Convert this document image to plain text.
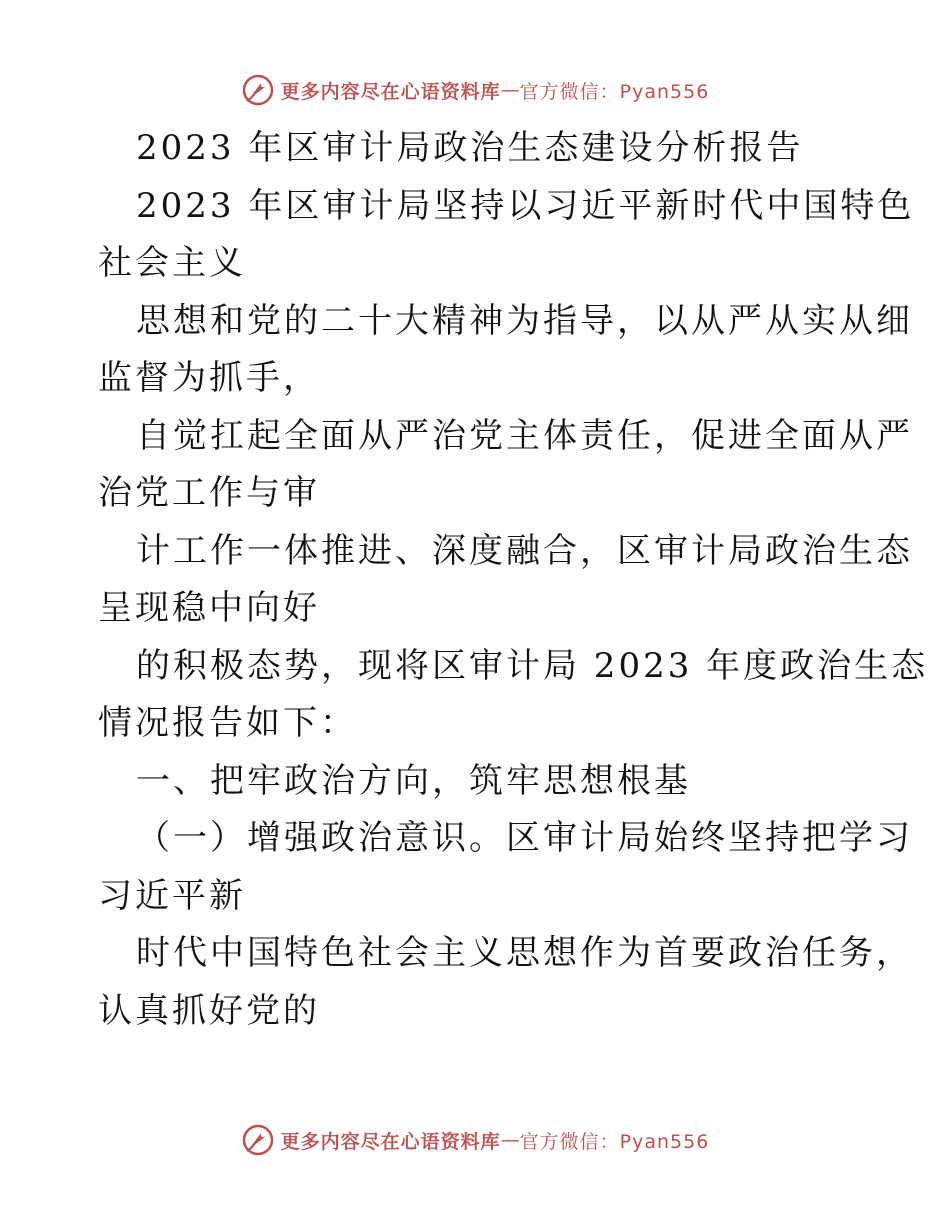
更多内容尽在心语资料库 — 官方微信：Pyan556
2023 年区审计局政治生态建设分析报告
2023 年区审计局坚持以习近平新时代中国特色
社会主义
思想和党的二十大精神为指导，以从严从实从细
监督为抓手，
自觉扛起全面从严治党主体责任，促进全面从严
治党工作与审
计工作一体推进、深度融合，区审计局政治生态
呈现稳中向好
的积极态势，现将区审计局 2023 年度政治生态
情况报告如下：
一、把牢政治方向，筑牢思想根基
（一）增强政治意识。区审计局始终坚持把学习
习近平新
时代中国特色社会主义思想作为首要政治任务，
认真抓好党的
更多内容尽在心语资料库 — 官方微信：Pyan556
